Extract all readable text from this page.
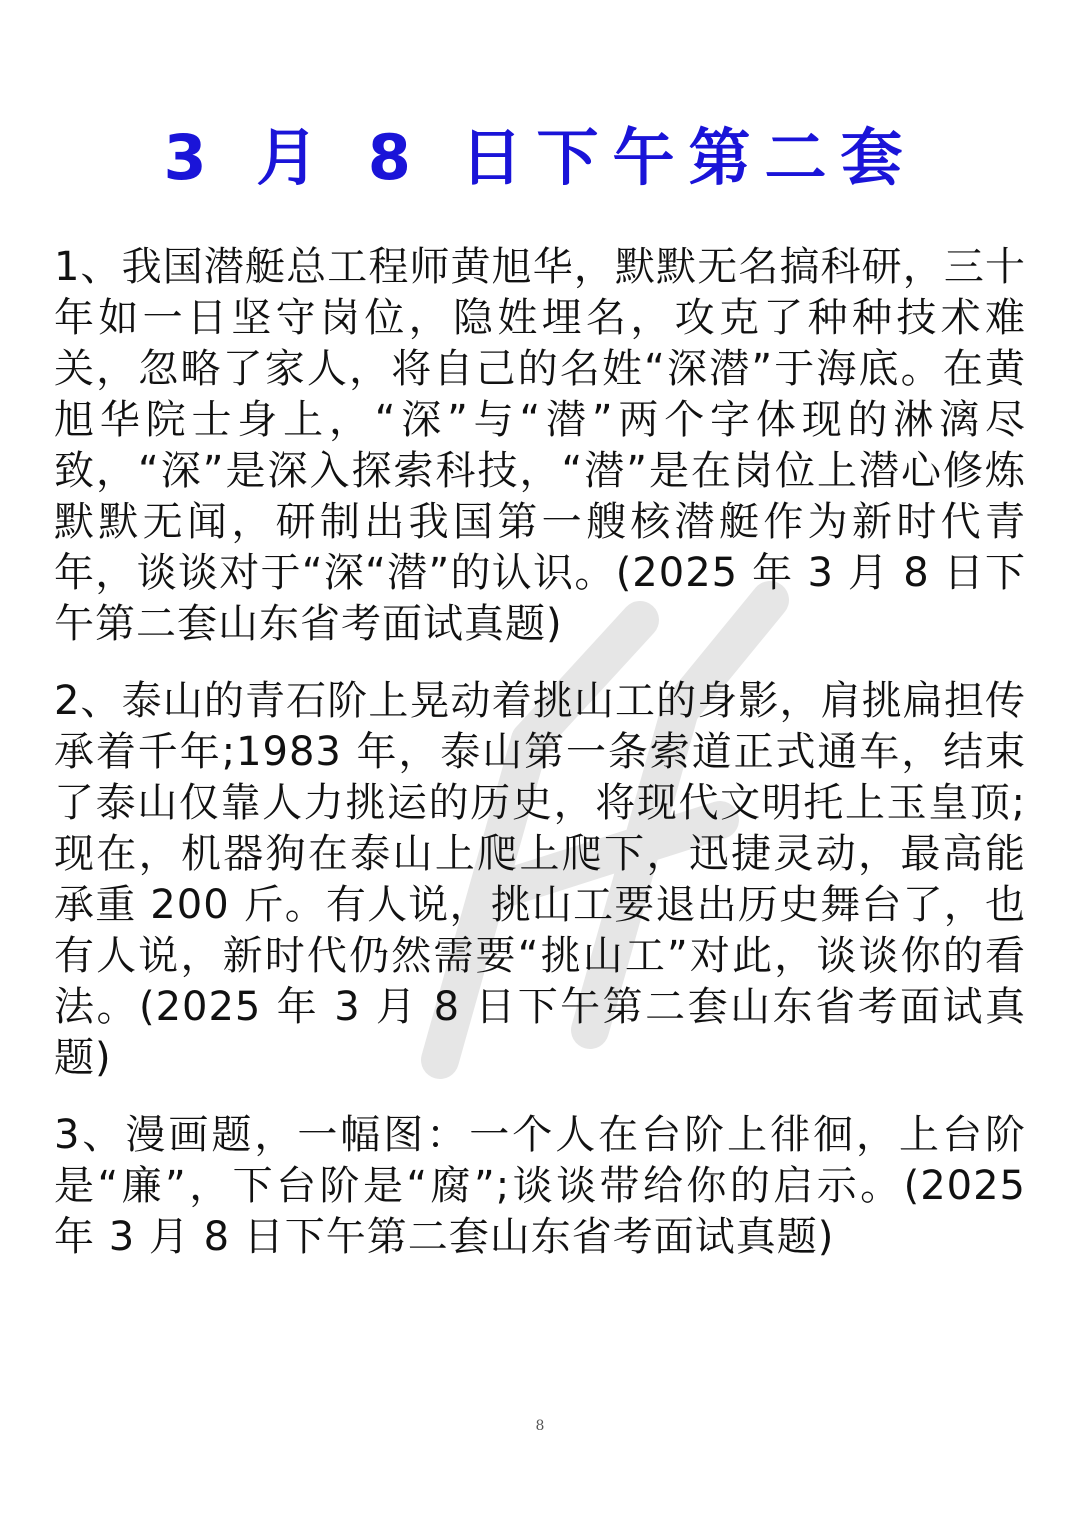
3 月 8 日下午第二套

1、我国潜艇总工程师黄旭华，默默无名搞科研，三十年如一日坚守岗位，隐姓埋名，攻克了种种技术难关，忽略了家人，将自己的名姓“深潜”于海底。在黄旭华院士身上，“深”与“潜”两个字体现的淋漓尽致，“深”是深入探索科技，“潜”是在岗位上潜心修炼默默无闻，研制出我国第一艘核潜艇作为新时代青年，谈谈对于“深“潜”的认识。(2025 年 3 月 8 日下午第二套山东省考面试真题)

2、泰山的青石阶上晃动着挑山工的身影，肩挑扁担传承着千年;1983 年，泰山第一条索道正式通车，结束了泰山仅靠人力挑运的历史，将现代文明托上玉皇顶;现在，机器狗在泰山上爬上爬下，迅捷灵动，最高能承重 200 斤。有人说，挑山工要退出历史舞台了，也有人说，新时代仍然需要“挑山工”对此，谈谈你的看法。(2025 年 3 月 8 日下午第二套山东省考面试真题)

3、漫画题，一幅图：一个人在台阶上徘徊，上台阶是“廉”，下台阶是“腐”;谈谈带给你的启示。(2025 年 3 月 8 日下午第二套山东省考面试真题)

8
